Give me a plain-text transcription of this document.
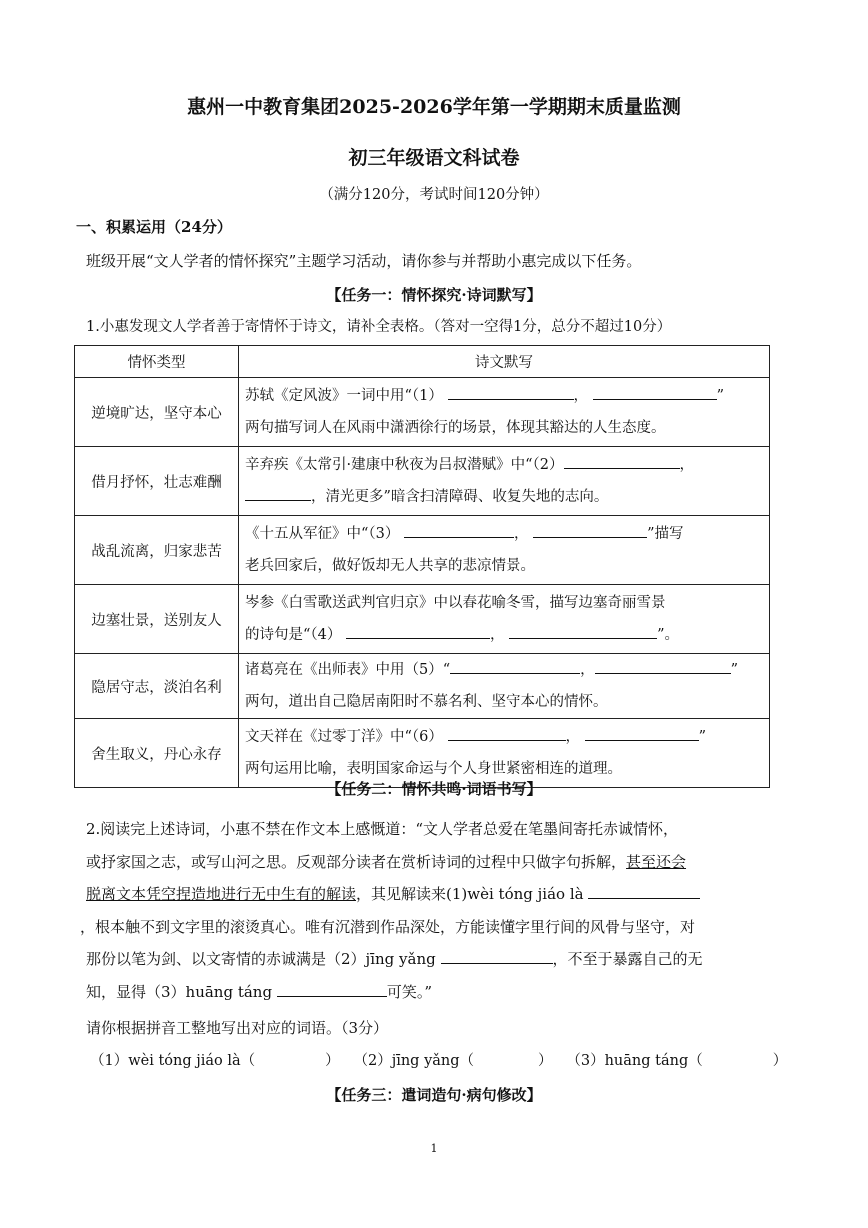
惠州一中教育集团2025-2026学年第一学期期末质量监测
初三年级语文科试卷
（满分120分，考试时间120分钟）
一、积累运用（24分）
班级开展“文人学者的情怀探究”主题学习活动，请你参与并帮助小惠完成以下任务。
【任务一：情怀探究·诗词默写】
1.小惠发现文人学者善于寄情怀于诗文，请补全表格。（答对一空得1分，总分不超过10分）
情怀类型	诗文默写
逆境旷达，坚守本心	苏轼《定风波》一词中用“（1） ， ”
两句描写词人在风雨中潇洒徐行的场景，体现其豁达的人生态度。

借月抒怀，壮志难酬	辛弃疾《太常引·建康中秋夜为吕叔潜赋》中“（2） ，
，清光更多”暗含扫清障碍、收复失地的志向。

战乱流离，归家悲苦	《十五从军征》中“（3） ， ”描写
老兵回家后，做好饭却无人共享的悲凉情景。

边塞壮景，送别友人	岑参《白雪歌送武判官归京》中以春花喻冬雪，描写边塞奇丽雪景
的诗句是“（4） ， ”。

隐居守志，淡泊名利	诸葛亮在《出师表》中用（5）“ ， ”
两句，道出自己隐居南阳时不慕名利、坚守本心的情怀。

舍生取义，丹心永存	文天祥在《过零丁洋》中“（6） ， ”
两句运用比喻，表明国家命运与个人身世紧密相连的道理。
【任务二：情怀共鸣·词语书写】
2.阅读完上述诗词，小惠不禁在作文本上感慨道：“文人学者总爱在笔墨间寄托赤诚情怀，
或抒家国之志，或写山河之思。反观部分读者在赏析诗词的过程中只做字句拆解，甚至还会
脱离文本凭空捏造地进行无中生有的解读，其见解读来(1)wèi tóng jiáo là
，根本触不到文字里的滚烫真心。唯有沉潜到作品深处，方能读懂字里行间的风骨与坚守，对
那份以笔为剑、以文寄情的赤诚满是（2）jīng yǎng	，不至于暴露自己的无
知，显得（3）huāng táng	可笑。”
请你根据拼音工整地写出对应的词语。（3分）
（1）wèi tóng jiáo là（	） （2）jīng yǎng（	） （3）huāng táng（	）
【任务三：遣词造句·病句修改】
1
